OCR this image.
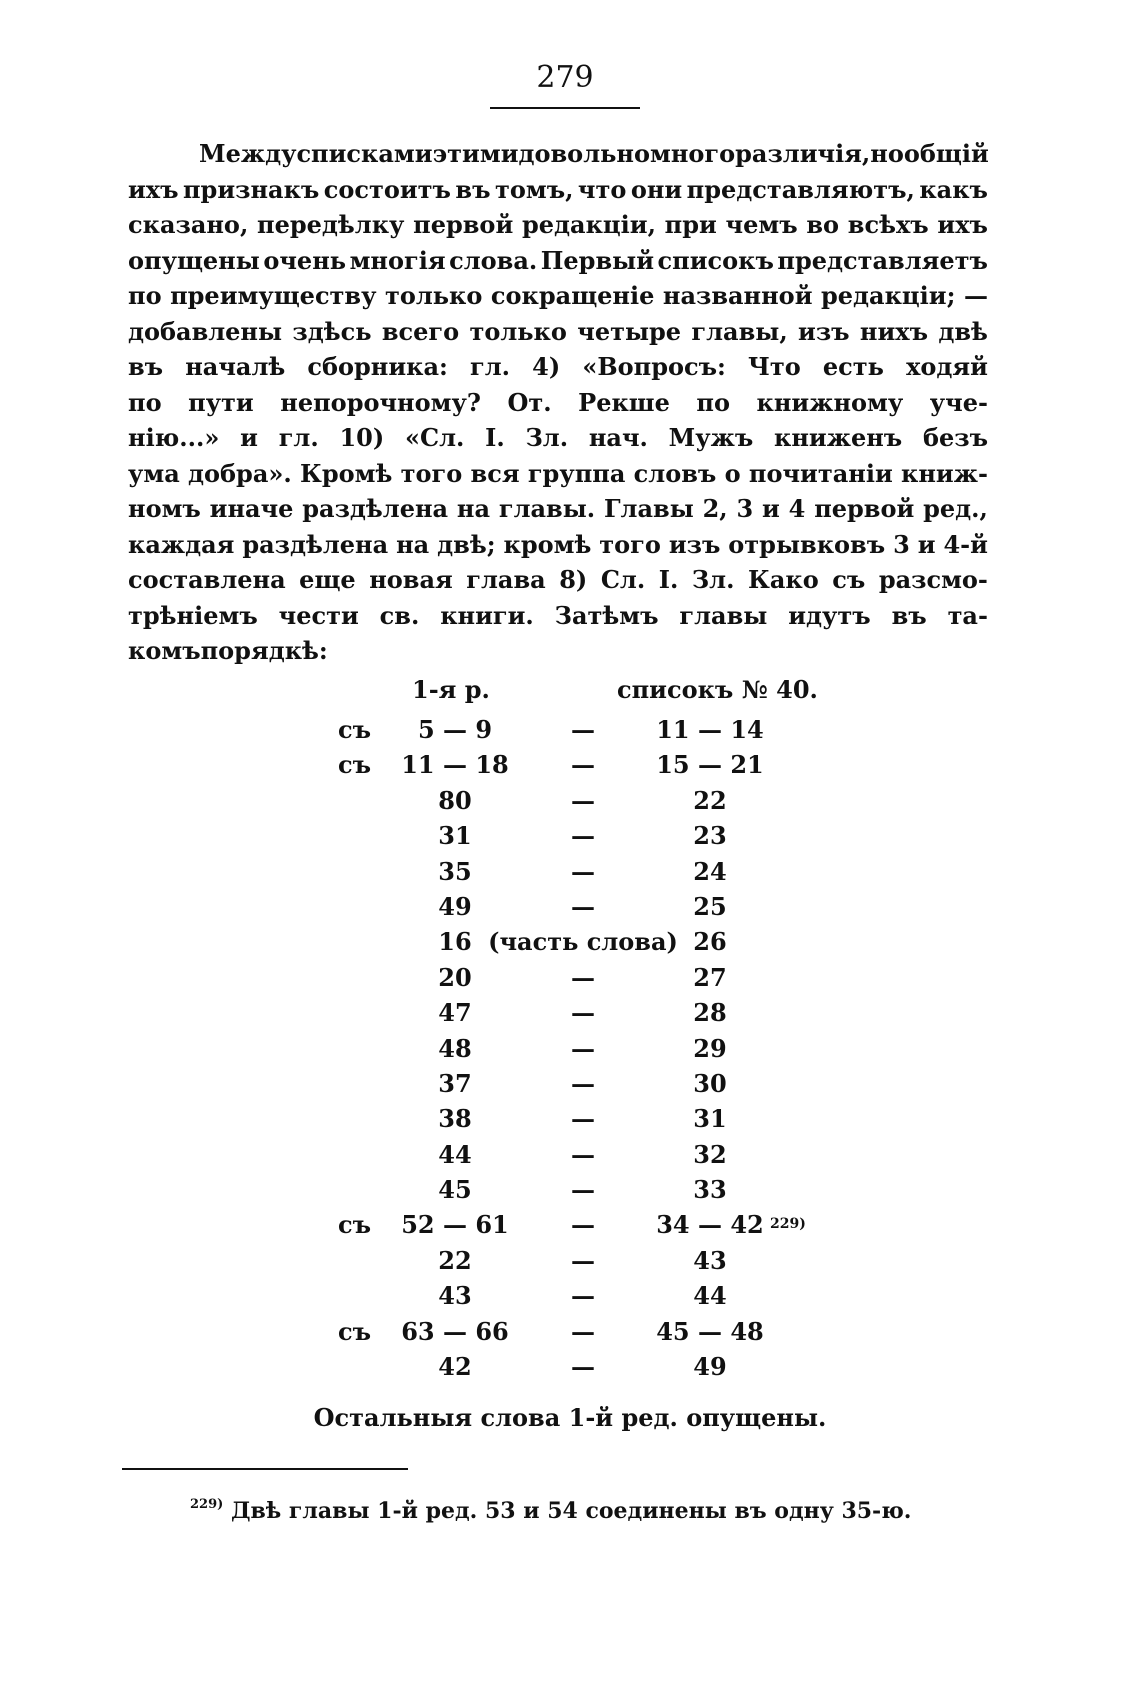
279
Между списками этими довольно много различія, но общій
ихъ признакъ состоитъ въ томъ, что они представляютъ, какъ
сказано, передѣлку первой редакціи, при чемъ во всѣхъ ихъ
опущены очень многія слова. Первый списокъ представляетъ
по преимуществу только сокращеніе названной редакціи; —
добавлены здѣсь всего только четыре главы, изъ нихъ двѣ
въ началѣ сборника: гл. 4) «Вопросъ: Что есть ходяй
по пути непорочному? От. Рекше по книжному уче-
нію...» и гл. 10) «Сл. I. Зл. нач. Мужъ книженъ безъ
ума добра». Кромѣ того вся группа словъ о почитаніи книж-
номъ иначе раздѣлена на главы. Главы 2, 3 и 4 первой ред.,
каждая раздѣлена на двѣ; кромѣ того изъ отрывковъ 3 и 4-й
составлена еще новая глава 8) Сл. I. Зл. Како съ разсмо-
трѣніемъ чести св. книги. Затѣмъ главы идутъ въ та-
комъ порядкѣ:
1-я р.	списокъ № 40.
съ	5 — 9	—	11 — 14
съ	11 — 18	—	15 — 21
80	—	22
31	—	23
35	—	24
49	—	25
16 (часть слова) 26
20	—	27
47	—	28
48	—	29
37	—	30
38	—	31
44	—	32
45	—	33
съ	52 — 61	—	34 — 42 $^{229)}$
22	—	43
43	—	44
съ	63 — 66	—	45 — 48
42	—	49
Остальныя слова 1-й ред. опущены.
$^{229)}$ Двѣ главы 1-й ред. 53 и 54 соединены въ одну 35-ю.
